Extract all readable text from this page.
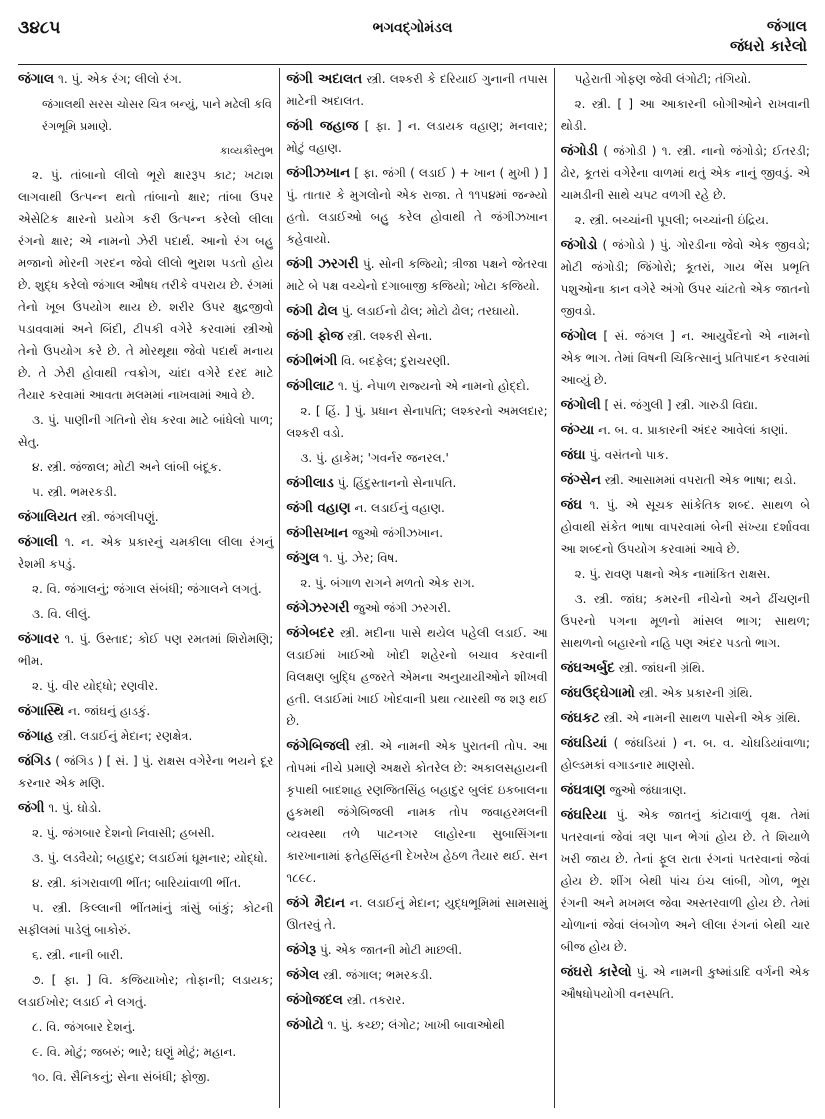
૩૪૮૫	ભગવદ્ગોમંડલ	જંગાલ
જંધરો કારેલો
જંગાલ ૧. પું. એક રંગ; લીલો રંગ.
જંગાલથી સરસ ચોસર ચિત્ર બન્યું, પાને મઢેલી કવિ રંગભૂમિ પ્રમાણે.
કાવ્યકૌસ્તુભ
૨. પું. તાંબાનો લીલો ભૂરો ક્ષારરૂપ કાટ; ખટાશ લાગવાથી ઉત્પન્ન થતો તાંબાનો ક્ષાર; તાંબા ઉપર એસેટિક ક્ષારનો પ્રયોગ કરી ઉત્પન્ન કરેલો લીલા રંગનો ક્ષાર; એ નામનો ઝેરી પદાર્થ. આનો રંગ બહુ મજાનો મોરની ગરદન જેવો લીલો ભુરાશ પડતો હોય છે. શુદ્ધ કરેલો જંગાલ ઔષધ તરીકે વપરાય છે. રંગમાં તેનો ખૂબ ઉપયોગ થાય છે. શરીર ઉપર ક્ષુદ્રજીવો પડાવવામાં અને બિંદી, ટીપકી વગેરે કરવામાં સ્ત્રીઓ તેનો ઉપયોગ કરે છે. તે મોરથૂથા જેવો પદાર્થ મનાય છે. તે ઝેરી હોવાથી ત્વક્રોગ, ચાંદા વગેરે દરદ માટે તૈયાર કરવામાં આવતા મલમમાં નાખવામાં આવે છે.
૩. પું. પાણીની ગતિનો રોધ કરવા માટે બાંધેલો પાળ; સેતુ.
૪. સ્ત્રી. જંજાલ; મોટી અને લાંબી બંદૂક.
૫. સ્ત્રી. ભમરકડી.
જંગાલિયત સ્ત્રી. જંગલીપણું.
જંગાલી ૧. ન. એક પ્રકારનું ચમકીલા લીલા રંગનું રેશમી કપડું.
૨. વિ. જંગાલનું; જંગાલ સંબંધી; જંગાલને લગતું.
૩. વિ. લીલું.
જંગાવર ૧. પું. ઉસ્તાદ; કોઈ પણ રમતમાં શિરોમણિ; ભીમ.
૨. પું. વીર યોદ્ધો; રણવીર.
જંગાસ્થિ ન. જાંઘનું હાડકું.
જંગાહ સ્ત્રી. લડાઈનું મેદાન; રણક્ષેત્ર.
જંગિડ ( જંગિડ ) [ સં. ] પું. રાક્ષસ વગેરેના ભયને દૂર કરનાર એક મણિ.
જંગી ૧. પું. ઘોડો.
૨. પું. જંગબાર દેશનો નિવાસી; હબસી.
૩. પું. લડવૈયો; બહાદુર; લડાઈમાં ઘૂમનાર; યોદ્ધો.
૪. સ્ત્રી. કાંગરાવાળી ભીંત; બારિયાંવાળી ભીંત.
૫. સ્ત્રી. કિલ્લાની ભીંતમાંનું ત્રાંસું બાંકું; કોટની સફીલમાં પાડેલું બાકોરું.
૬. સ્ત્રી. નાની બારી.
૭. [ ફા. ] વિ. કજિયાખોર; તોફાની; લડાયક; લડાઈખોર; લડાઈ ને લગતું.
૮. વિ. જંગબાર દેશનું.
૯. વિ. મોટું; જબરું; ભારે; ઘણું મોટું; મહાન.
૧૦. વિ. સૈનિકનું; સેના સંબંધી; ફોજી.
જંગી અદાલત સ્ત્રી. લશ્કરી કે દરિયાઈ ગુનાની તપાસ માટેની અદાલત.
જંગી જહાજ [ ફા. ] ન. લડાયક વહાણ; મનવાર; મોટું વહાણ.
જંગીઝખાન [ ફા. જંગી ( લડાઈ ) + ખાન ( મુખી ) ] પું. તાતાર કે મુગલોનો એક રાજા. તે ૧૧૫૪માં જન્મ્યો હતો. લડાઈઓ બહુ કરેલ હોવાથી તે જંગીઝખાન કહેવાયો.
જંગી ઝરગરી પું. સોની કજિયો; ત્રીજા પક્ષને જેતરવા માટે બે પક્ષ વચ્ચેનો દગાબાજી કજિયો; ખોટા કજિયો.
જંગી ઢોલ પું. લડાઈનો ઢોલ; મોટો ઢોલ; તરઘાયો.
જંગી ફોજ સ્ત્રી. લશ્કરી સેના.
જંગીભંગી વિ. બદફેલ; દુરાચરણી.
જંગીલાટ ૧. પું. નેપાળ રાજ્યનો એ નામનો હોદ્દો.
૨. [ હિં. ] પું. પ્રધાન સેનાપતિ; લશ્કરનો અમલદાર; લશ્કરી વડો.
૩. પું. હાકેમ; 'ગવર્નર જનરલ.'
જંગીલાડ પું. હિંદુસ્તાનનો સેનાપતિ.
જંગી વહાણ ન. લડાઈનું વહાણ.
જંગીસખાન જુઓ જંગીઝખાન.
જંગુલ ૧. પું. ઝેર; વિષ.
૨. પું. બંગાળ રાગને મળતો એક રાગ.
જંગેઝરગરી જુઓ જંગી ઝરગરી.
જંગેબદર સ્ત્રી. મદીના પાસે થયેલ પહેલી લડાઈ. આ લડાઈમાં ખાઈઓ ખોદી શહેરનો બચાવ કરવાની વિલક્ષણ બુદ્ધિ હજરતે એમના અનુયાયીઓને શીખવી હતી. લડાઈમાં ખાઈ ખોદવાની પ્રથા ત્યારથી જ શરૂ થઈ છે.
જંગેબિજલી સ્ત્રી. એ નામની એક પુરાતની તોપ. આ તોપમાં નીચે પ્રમાણે અક્ષરો કોતરેલ છે: અકાલસહાયની કૃપાથી બાદશાહ રણજિતસિંહ બહાદુર બુલંદ ઇકબાલના હુકમથી જંગેબિજલી નામક તોપ જવાહરમલની વ્યવસ્થા તળે પાટનગર લાહોરના સુબાસિંગના કારખાનામાં ફતેહસિંહની દેખરેખ હેઠળ તૈયાર થઈ. સન ૧૮૯૮.
જંગે મૈદાન ન. લડાઈનું મેદાન; યુદ્ધભૂમિમાં સામસામું ઊતરવું તે.
જંગેરૂ પું. એક જાતની મોટી માછલી.
જંગેલ સ્ત્રી. જંગાલ; ભમરકડી.
જંગોજદલ સ્ત્રી. તકરાર.
જંગોટો ૧. પું. કચ્છ; લંગોટ; ખાખી બાવાઓથી
પહેરાતી ગોફણ જેવી લંગોટી; તંગિયો.
૨. સ્ત્રી. [ ] આ આકારની બોગીઓને રાખવાની થોડી.
જંગોડી ( જંગોડી ) ૧. સ્ત્રી. નાનો જંગોડો; ઈતરડી; ઢોર, કૂતરાં વગેરેના વાળમાં થતું એક નાનું જીવડું. એ ચામડીની સાથે ચપટ વળગી રહે છે.
૨. સ્ત્રી. બચ્ચાંની પૂપલી; બચ્ચાંની ઇંદ્રિય.
જંગોડો ( જંગોડો ) પું. ગોરડીના જેવો એક જીવડો; મોટી જંગોડી; જિંગોરો; કૂતરાં, ગાય ભેંસ પ્રભૃતિ પશુઓના કાન વગેરે અંગો ઉપર ચાંટતો એક જાતનો જીવડો.
જંગોલ [ સં. જંગલ ] ન. આયુર્વેદનો એ નામનો એક ભાગ. તેમાં વિષની ચિકિત્સાનું પ્રતિપાદન કરવામાં આવ્યું છે.
જંગોલી [ સં. જંગુલી ] સ્ત્રી. ગારુડી વિદ્યા.
જંગ્યા ન. બ. વ. પ્રાકારની અંદર આવેલાં કાણાં.
જંઘા પું. વસંતનો પાક.
જંગ્સેન સ્ત્રી. આસામમાં વપરાતી એક ભાષા; થડો.
જંઘ ૧. પું. એ સૂચક સાંકેતિક શબ્દ. સાથળ બે હોવાથી સંકેત ભાષા વાપરવામાં બેની સંખ્યા દર્શાવવા આ શબ્દનો ઉપયોગ કરવામાં આવે છે.
૨. પું. રાવણ પક્ષનો એક નામાંકિત રાક્ષસ.
૩. સ્ત્રી. જાંઘ; કમરની નીચેનો અને ઢીંચણની ઉપરનો પગના મૂળનો માંસલ ભાગ; સાથળ; સાથળનો બહારનો નહિ પણ અંદર પડતો ભાગ.
જંઘઅર્બુદ સ્ત્રી. જાંઘની ગ્રંથિ.
જંઘઉદ્ઘેગામો સ્ત્રી. એક પ્રકારની ગ્રંથિ.
જંઘકટ સ્ત્રી. એ નામની સાથળ પાસેની એક ગ્રંથિ.
જંઘડિયાં ( જંઘડિયાં ) ન. બ. વ. ચોઘડિયાંવાળા; હોલ્ડમકાં વગાડનાર માણસો.
જંઘત્રાણ જુઓ જંઘાત્રાણ.
જંઘરિયા પું. એક જાતનું કાંટાવાળું વૃક્ષ. તેમાં પતરવાનાં જેવાં ત્રણ પાન ભેગાં હોય છે. તે શિયાળે ખરી જાય છે. તેનાં ફૂલ રાતા રંગનાં પતરવાનાં જેવાં હોય છે. શીંગ બેથી પાંચ ઇંચ લાંબી, ગોળ, ભૂરા રંગની અને મખમલ જેવા અસ્તરવાળી હોય છે. તેમાં ચોળાનાં જેવાં લંબગોળ અને લીલા રંગનાં બેથી ચાર બીજ હોય છે.
જંઘરો કારેલો પું. એ નામની કુષ્માંડાદિ વર્ગની એક ઔષધોપયોગી વનસ્પતિ.
